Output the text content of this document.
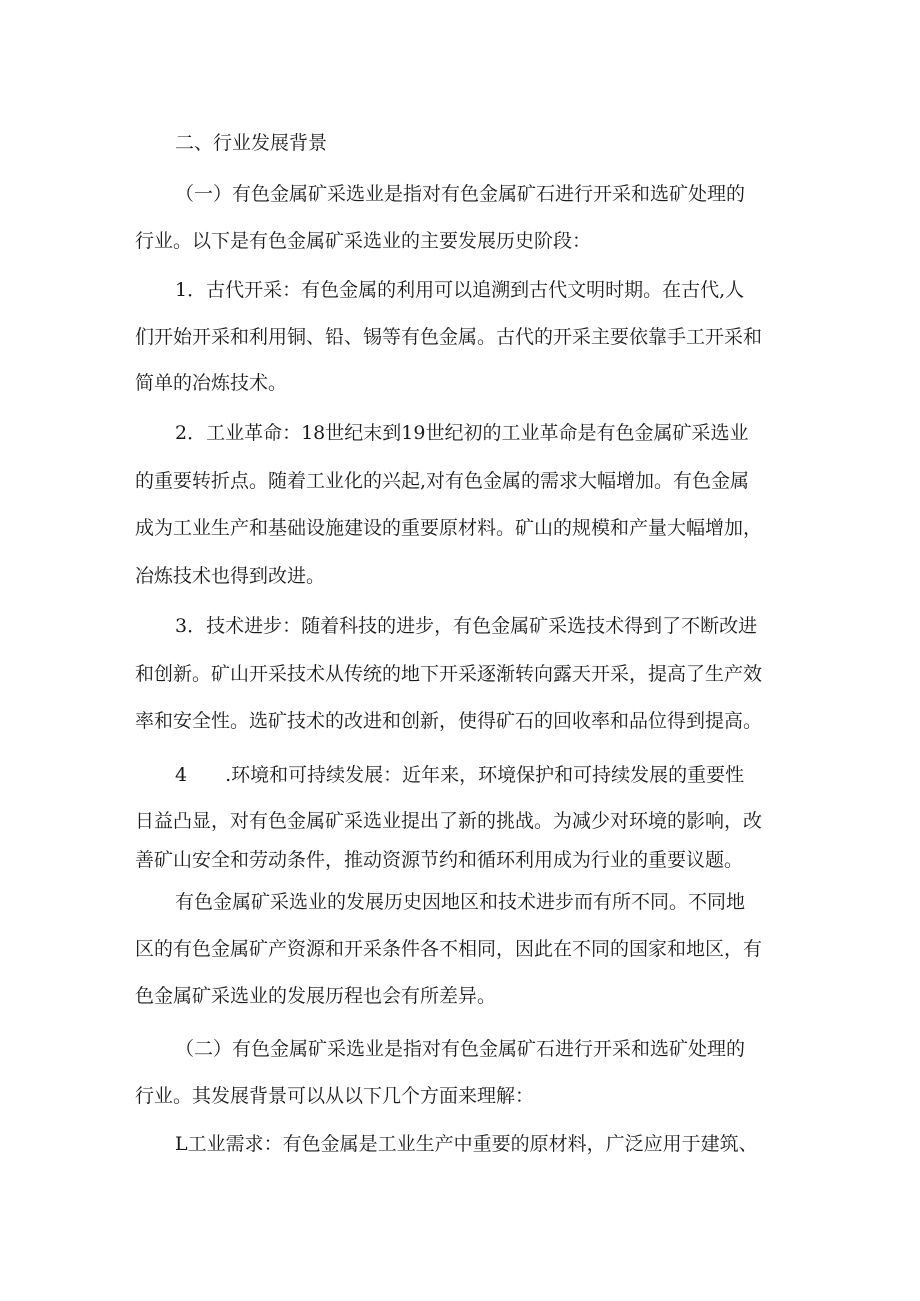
二、行业发展背景
（一）有色金属矿采选业是指对有色金属矿石进行开采和选矿处理的
行业。以下是有色金属矿采选业的主要发展历史阶段：
1．古代开采：有色金属的利用可以追溯到古代文明时期。在古代,人
们开始开采和利用铜、铅、锡等有色金属。古代的开采主要依靠手工开采和
简单的冶炼技术。
2．工业革命：18世纪末到19世纪初的工业革命是有色金属矿采选业
的重要转折点。随着工业化的兴起,对有色金属的需求大幅增加。有色金属
成为工业生产和基础设施建设的重要原材料。矿山的规模和产量大幅增加，
冶炼技术也得到改进。
3．技术进步：随着科技的进步，有色金属矿采选技术得到了不断改进
和创新。矿山开采技术从传统的地下开采逐渐转向露天开采，提高了生产效
率和安全性。选矿技术的改进和创新，使得矿石的回收率和品位得到提高。
4　　.环境和可持续发展：近年来，环境保护和可持续发展的重要性
日益凸显，对有色金属矿采选业提出了新的挑战。为减少对环境的影响，改
善矿山安全和劳动条件，推动资源节约和循环利用成为行业的重要议题。
有色金属矿采选业的发展历史因地区和技术进步而有所不同。不同地
区的有色金属矿产资源和开采条件各不相同，因此在不同的国家和地区，有
色金属矿采选业的发展历程也会有所差异。
（二）有色金属矿采选业是指对有色金属矿石进行开采和选矿处理的
行业。其发展背景可以从以下几个方面来理解：
L工业需求：有色金属是工业生产中重要的原材料，广泛应用于建筑、
